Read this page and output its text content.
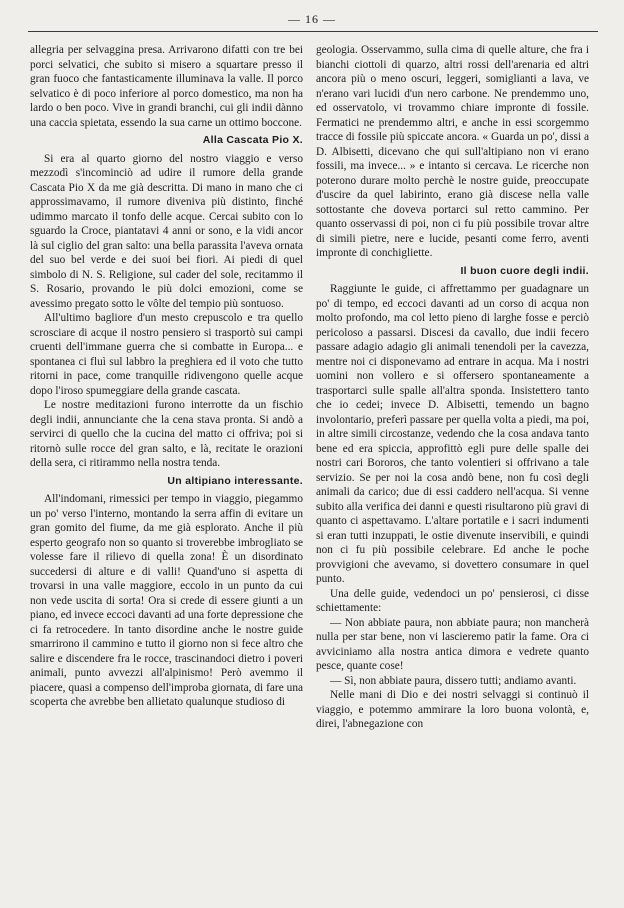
— 16 —

allegria per selvaggina presa. Arrivarono difatti con tre bei porci selvatici, che subito si misero a squartare presso il gran fuoco che fantasticamente illuminava la valle. Il porco selvatico è di poco inferiore al porco domestico, ma non ha lardo o ben poco. Vive in grandi branchi, cui gli indii dànno una caccia spietata, essendo la sua carne un ottimo boccone.

Alla Cascata Pio X.

Si era al quarto giorno del nostro viaggio e verso mezzodì s'incominciò ad udire il rumore della grande Cascata Pio X da me già descritta. Di mano in mano che ci approssimavamo, il rumore diveniva più distinto, finché udimmo marcato il tonfo delle acque. Cercai subito con lo sguardo la Croce, piantatavi 4 anni or sono, e la vidi ancor là sul ciglio del gran salto: una bella parassita l'aveva ornata del suo bel verde e dei suoi bei fiori. Ai piedi di quel simbolo di N. S. Religione, sul cader del sole, recitammo il S. Rosario, provando le più dolci emozioni, come se avessimo pregato sotto le vôlte del tempio più sontuoso.

All'ultimo bagliore d'un mesto crepuscolo e tra quello scrosciare di acque il nostro pensiero si trasportò sui campi cruenti dell'immane guerra che si combatte in Europa... e spontanea ci fluì sul labbro la preghiera ed il voto che tutto ritorni in pace, come tranquille ridivengono quelle acque dopo l'iroso spumeggiare della grande cascata.

Le nostre meditazioni furono interrotte da un fischio degli indii, annunciante che la cena stava pronta. Si andò a servirci di quello che la cucina del matto ci offriva; poi si ritornò sulle rocce del gran salto, e là, recitate le orazioni della sera, ci ritirammo nella nostra tenda.

Un altipiano interessante.

All'indomani, rimessici per tempo in viaggio, piegammo un po' verso l'interno, montando la serra affin di evitare un gran gomito del fiume, da me già esplorato. Anche il più esperto geografo non so quanto si troverebbe imbrogliato se volesse fare il rilievo di quella zona! È un disordinato succedersi di alture e di valli! Quand'uno si aspetta di trovarsi in una valle maggiore, eccolo in un punto da cui non vede uscita di sorta! Ora si crede di essere giunti a un piano, ed invece eccoci davanti ad una forte depressione che ci fa retrocedere. In tanto disordine anche le nostre guide smarrirono il cammino e tutto il giorno non si fece altro che salire e discendere fra le rocce, trascinandoci dietro i poveri animali, punto avvezzi all'alpinismo! Però avemmo il piacere, quasi a compenso dell'improba giornata, di fare una scoperta che avrebbe ben allietato qualunque studioso di

geologia. Osservammo, sulla cima di quelle alture, che fra i bianchi ciottoli di quarzo, altri rossi dell'arenaria ed altri ancora più o meno oscuri, leggeri, somiglianti a lava, ve n'erano vari lucidi d'un nero carbone. Ne prendemmo uno, ed osservatolo, vi trovammo chiare impronte di fossile. Fermatici ne prendemmo altri, e anche in essi scorgemmo tracce di fossile più spiccate ancora. « Guarda un po', dissi a D. Albisetti, dicevano che qui sull'altipiano non vi erano fossili, ma invece... » e intanto si cercava. Le ricerche non poterono durare molto perchè le nostre guide, preoccupate d'uscire da quel labirinto, erano già discese nella valle sottostante che doveva portarci sul retto cammino. Per quanto osservassi di poi, non ci fu più possibile trovar altre di simili pietre, nere e lucide, pesanti come ferro, aventi impronte di conchigliette.

Il buon cuore degli indii.

Raggiunte le guide, ci affrettammo per guadagnare un po' di tempo, ed eccoci davanti ad un corso di acqua non molto profondo, ma col letto pieno di larghe fosse e perciò pericoloso a passarsi. Discesi da cavallo, due indii fecero passare adagio adagio gli animali tenendoli per la cavezza, mentre noi ci disponevamo ad entrare in acqua. Ma i nostri uomini non vollero e si offersero spontaneamente a trasportarci sulle spalle all'altra sponda. Insistettero tanto che io cedei; invece D. Albisetti, temendo un bagno involontario, preferì passare per quella volta a piedi, ma poi, in altre simili circostanze, vedendo che la cosa andava tanto bene ed era spiccia, approfittò egli pure delle spalle dei nostri cari Bororos, che tanto volentieri si offrivano a tale servizio. Se per noi la cosa andò bene, non fu così degli animali da carico; due di essi caddero nell'acqua. Si venne subito alla verifica dei danni e questi risultarono più gravi di quanto ci aspettavamo. L'altare portatile e i sacri indumenti si eran tutti inzuppati, le ostie divenute inservibili, e quindi non ci fu più possibile celebrare. Ed anche le poche provvigioni che avevamo, si dovettero consumare in quel punto.

Una delle guide, vedendoci un po' pensierosi, ci disse schiettamente:

— Non abbiate paura, non abbiate paura; non mancherà nulla per star bene, non vi lascieremo patir la fame. Ora ci avviciniamo alla nostra antica dimora e vedrete quanto pesce, quante cose!

— Sì, non abbiate paura, dissero tutti; andiamo avanti.

Nelle mani di Dio e dei nostri selvaggi si continuò il viaggio, e potemmo ammirare la loro buona volontà, e, direi, l'abnegazione con
